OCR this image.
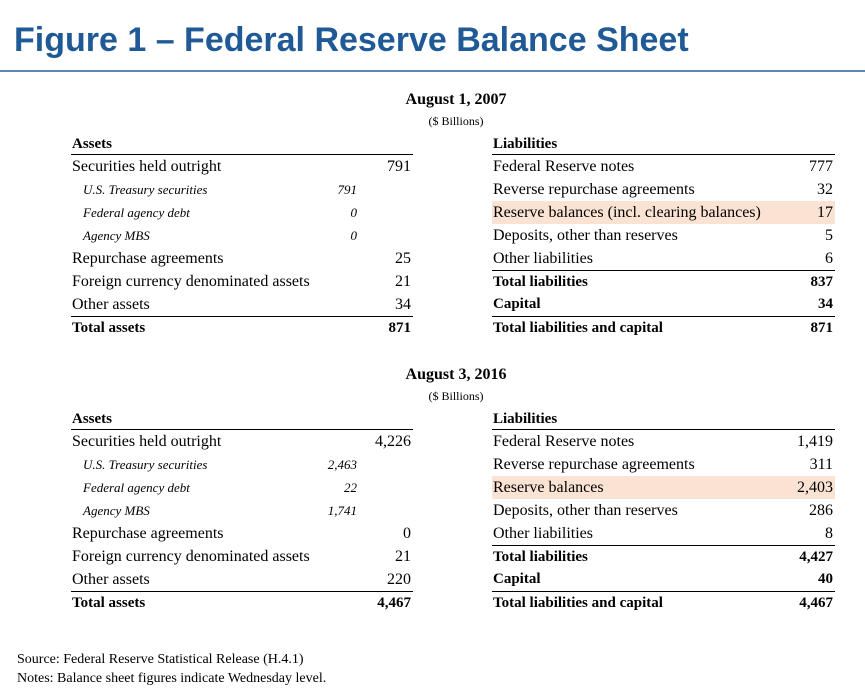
Figure 1 – Federal Reserve Balance Sheet
August 1, 2007
($ Billions)
Assets
Securities held outright	791
U.S. Treasury securities	791
Federal agency debt	0
Agency MBS	0
Repurchase agreements	25
Foreign currency denominated assets	21
Other assets	34
Total assets	871
Liabilities
Federal Reserve notes	777
Reverse repurchase agreements	32
Reserve balances (incl. clearing balances)	17
Deposits, other than reserves	5
Other liabilities	6
Total liabilities	837
Capital	34
Total liabilities and capital	871
August 3, 2016
($ Billions)
Assets
Securities held outright	4,226
U.S. Treasury securities	2,463
Federal agency debt	22
Agency MBS	1,741
Repurchase agreements	0
Foreign currency denominated assets	21
Other assets	220
Total assets	4,467
Liabilities
Federal Reserve notes	1,419
Reverse repurchase agreements	311
Reserve balances	2,403
Deposits, other than reserves	286
Other liabilities	8
Total liabilities	4,427
Capital	40
Total liabilities and capital	4,467
Source: Federal Reserve Statistical Release (H.4.1)
Notes: Balance sheet figures indicate Wednesday level.
